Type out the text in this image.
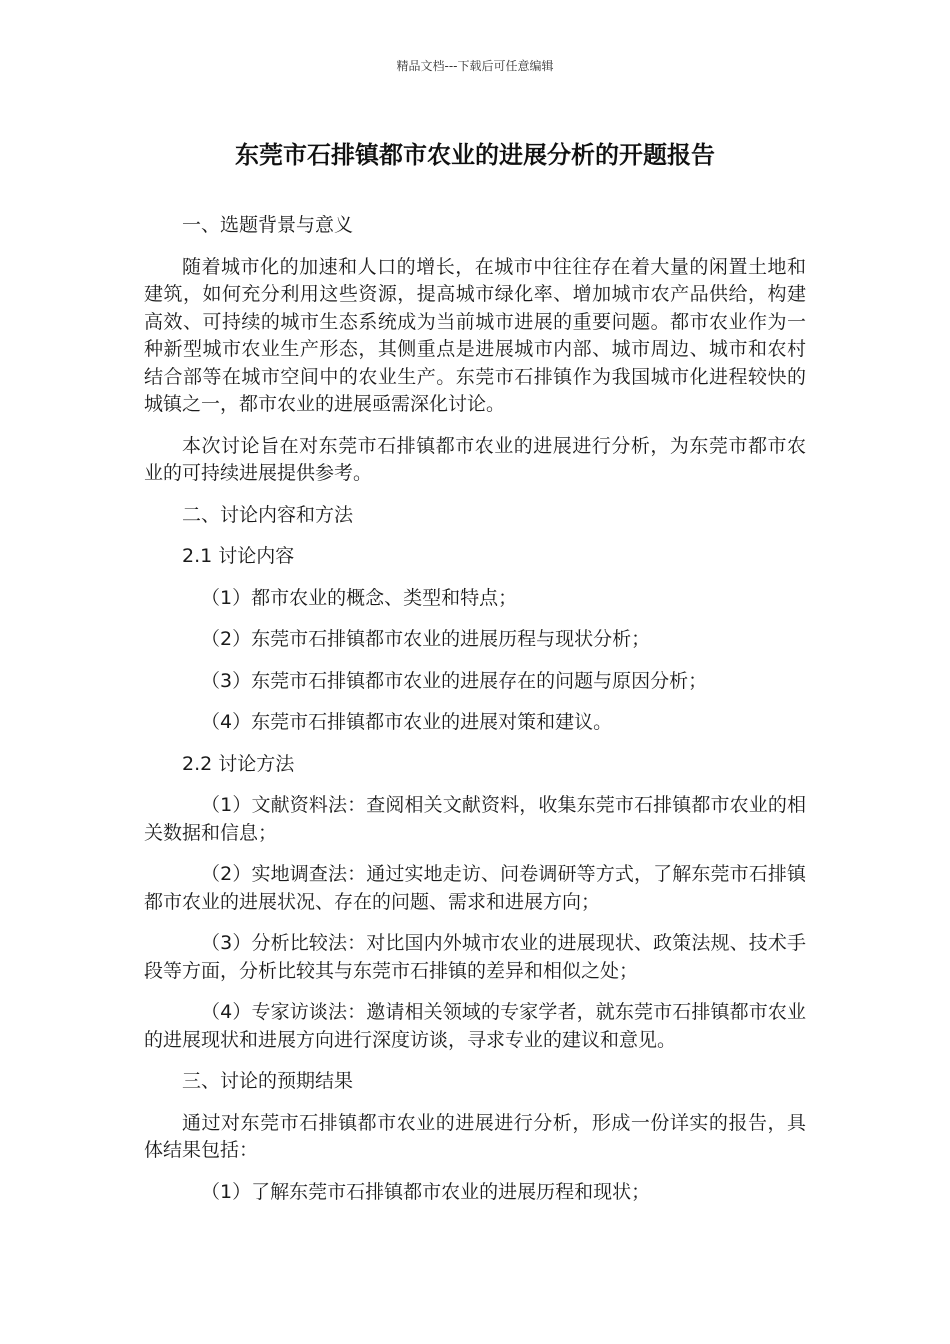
精品文档---下载后可任意编辑
东莞市石排镇都市农业的进展分析的开题报告

一、选题背景与意义

随着城市化的加速和人口的增长，在城市中往往存在着大量的闲置土地和建筑，如何充分利用这些资源，提高城市绿化率、增加城市农产品供给，构建高效、可持续的城市生态系统成为当前城市进展的重要问题。都市农业作为一种新型城市农业生产形态，其侧重点是进展城市内部、城市周边、城市和农村结合部等在城市空间中的农业生产。东莞市石排镇作为我国城市化进程较快的城镇之一，都市农业的进展亟需深化讨论。

本次讨论旨在对东莞市石排镇都市农业的进展进行分析，为东莞市都市农业的可持续进展提供参考。

二、讨论内容和方法

2.1 讨论内容

（1）都市农业的概念、类型和特点；

（2）东莞市石排镇都市农业的进展历程与现状分析；

（3）东莞市石排镇都市农业的进展存在的问题与原因分析；

（4）东莞市石排镇都市农业的进展对策和建议。

2.2 讨论方法

（1）文献资料法：查阅相关文献资料，收集东莞市石排镇都市农业的相关数据和信息；

（2）实地调查法：通过实地走访、问卷调研等方式，了解东莞市石排镇都市农业的进展状况、存在的问题、需求和进展方向；

（3）分析比较法：对比国内外城市农业的进展现状、政策法规、技术手段等方面，分析比较其与东莞市石排镇的差异和相似之处；

（4）专家访谈法：邀请相关领域的专家学者，就东莞市石排镇都市农业的进展现状和进展方向进行深度访谈，寻求专业的建议和意见。

三、讨论的预期结果

通过对东莞市石排镇都市农业的进展进行分析，形成一份详实的报告，具体结果包括：

（1）了解东莞市石排镇都市农业的进展历程和现状；
